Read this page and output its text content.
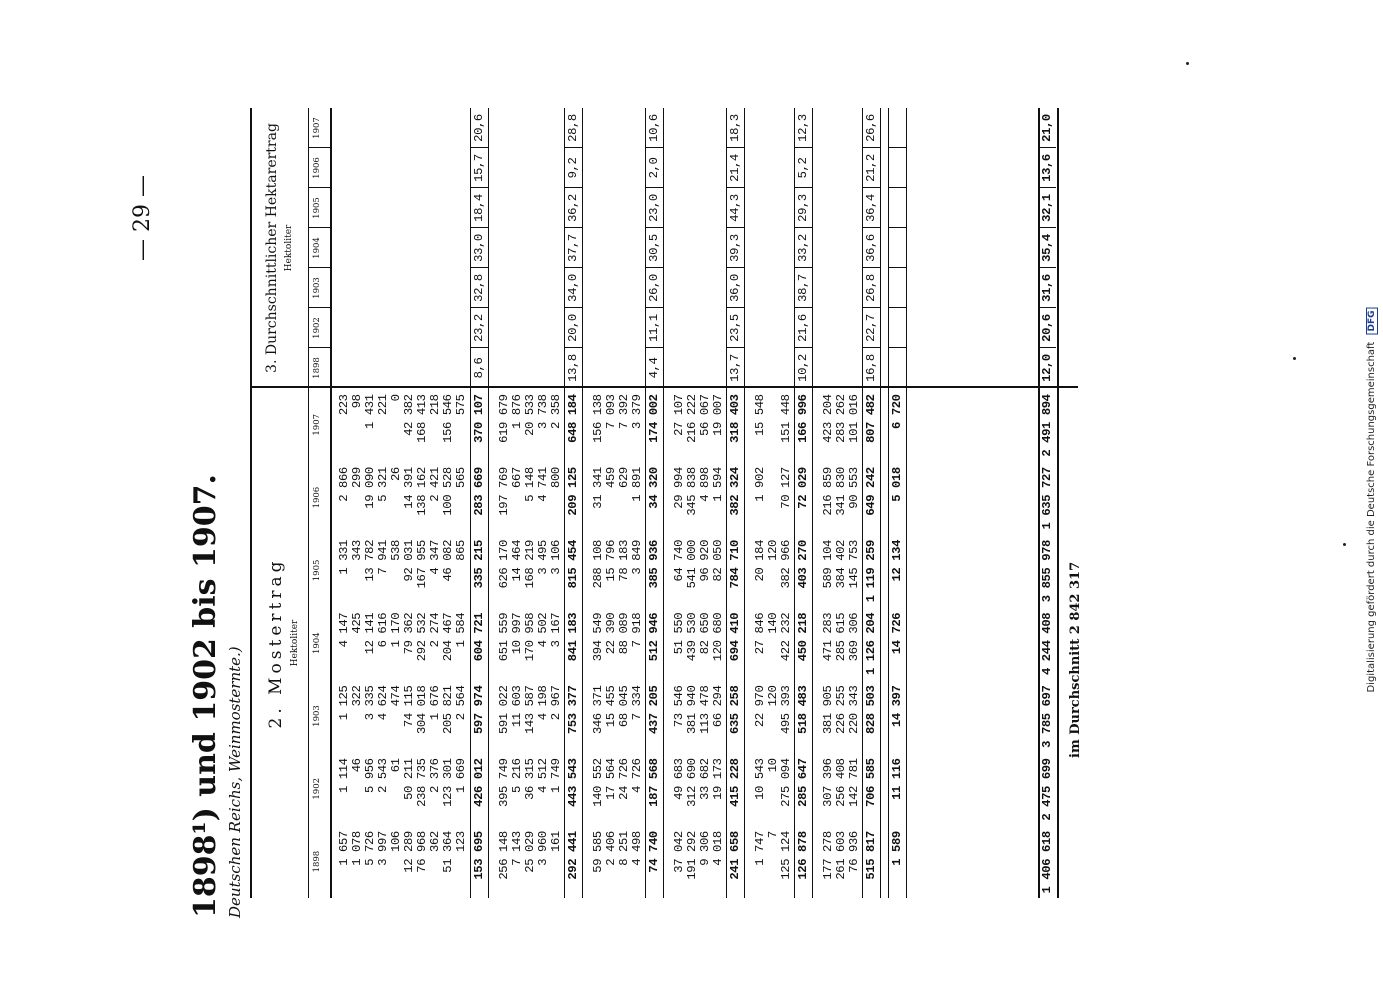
Digitalisierung gefördert durch die Deutsche Forschungsgemeinschaft DFG
— 29 —
1898¹) und 1902 bis 1907. Deutschen Reichs, Weinmosternte.)
2. Mostertrag Hektoliter
3. Durchschnittlicher Hektarertrag Hektoliter
1898
1902
1903
1904
1905
1906
1907
1898
1902
1903
1904
1905
1906
1907
1 657
1 114
1 125
4 147
1 331
2 866
223
1 078
46
322
425
343
299
98
5 726
5 956
3 335
12 141
13 782
19 090
1 431
3 997
2 543
4 624
6 616
7 941
5 321
221
106
61
474
1 170
538
26
0
12 289
50 211
74 115
79 362
92 031
14 391
42 382
76 968
238 735
304 018
292 532
167 955
138 162
168 413
362
2 376
1 676
2 274
4 347
2 421
218
51 364
123 301
205 821
204 467
46 082
100 528
156 546
123
1 669
2 564
1 584
865
565
575
153 695
426 012
597 974
604 721
335 215
283 669
370 107
8,6
23,2
32,8
33,0
18,4
15,7
20,6
256 148
395 749
591 022
651 559
626 170
197 769
619 679
7 143
5 216
11 603
10 997
14 464
667
1 876
25 029
36 315
143 587
170 958
168 219
5 148
20 533
3 960
4 512
4 198
4 502
3 495
4 741
3 738
161
1 749
2 967
3 167
3 106
800
2 358
292 441
443 543
753 377
841 183
815 454
209 125
648 184
13,8
20,0
34,0
37,7
36,2
9,2
28,8
59 585
140 552
346 371
394 549
288 108
31 341
156 138
2 406
17 564
15 455
22 390
15 796
459
7 093
8 251
24 726
68 045
88 089
78 183
629
7 392
4 498
4 726
7 334
7 918
3 849
1 891
3 379
74 740
187 568
437 205
512 946
385 936
34 320
174 002
4,4
11,1
26,0
30,5
23,0
2,0
10,6
37 042
49 683
73 546
51 550
64 740
29 994
27 107
191 292
312 690
381 940
439 530
541 000
345 838
216 222
9 306
33 682
113 478
82 650
96 920
4 898
56 067
4 018
19 173
66 294
120 680
82 050
1 594
19 007
241 658
415 228
635 258
694 410
784 710
382 324
318 403
13,7
23,5
36,0
39,3
44,3
21,4
18,3
1 747
10 543
22 970
27 846
20 184
1 902
15 548
7
10
120
140
120
125 124
275 094
495 393
422 232
382 966
70 127
151 448
126 878
285 647
518 483
450 218
403 270
72 029
166 996
10,2
21,6
38,7
33,2
29,3
5,2
12,3
177 278
307 396
381 905
471 283
589 104
216 859
423 204
261 603
256 408
226 255
285 615
384 402
341 830
283 262
76 936
142 781
220 343
369 306
145 753
90 553
101 016
515 817
706 585
828 503
1 126 204
1 119 259
649 242
807 482
16,8
22,7
26,8
36,6
36,4
21,2
26,6
1 589
11 116
14 397
14 726
12 134
5 018
6 720
1 406 618
2 475 699
3 785 697
4 244 408
3 855 978
1 635 727
2 491 894
12,0
20,6
31,6
35,4
32,1
13,6
21,0
im Durchschnitt 2 842 317
